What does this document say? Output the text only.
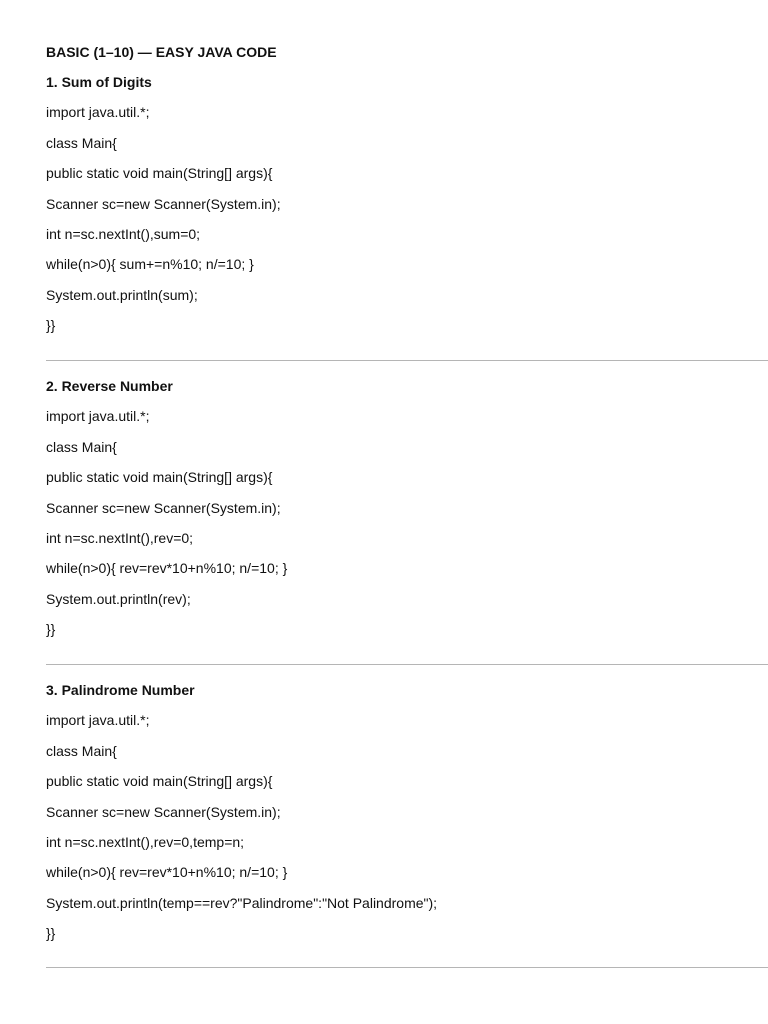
BASIC (1–10) — EASY JAVA CODE
1. Sum of Digits
import java.util.*;
class Main{
public static void main(String[] args){
Scanner sc=new Scanner(System.in);
int n=sc.nextInt(),sum=0;
while(n>0){ sum+=n%10; n/=10; }
System.out.println(sum);
}}
2. Reverse Number
import java.util.*;
class Main{
public static void main(String[] args){
Scanner sc=new Scanner(System.in);
int n=sc.nextInt(),rev=0;
while(n>0){ rev=rev*10+n%10; n/=10; }
System.out.println(rev);
}}
3. Palindrome Number
import java.util.*;
class Main{
public static void main(String[] args){
Scanner sc=new Scanner(System.in);
int n=sc.nextInt(),rev=0,temp=n;
while(n>0){ rev=rev*10+n%10; n/=10; }
System.out.println(temp==rev?"Palindrome":"Not Palindrome");
}}
